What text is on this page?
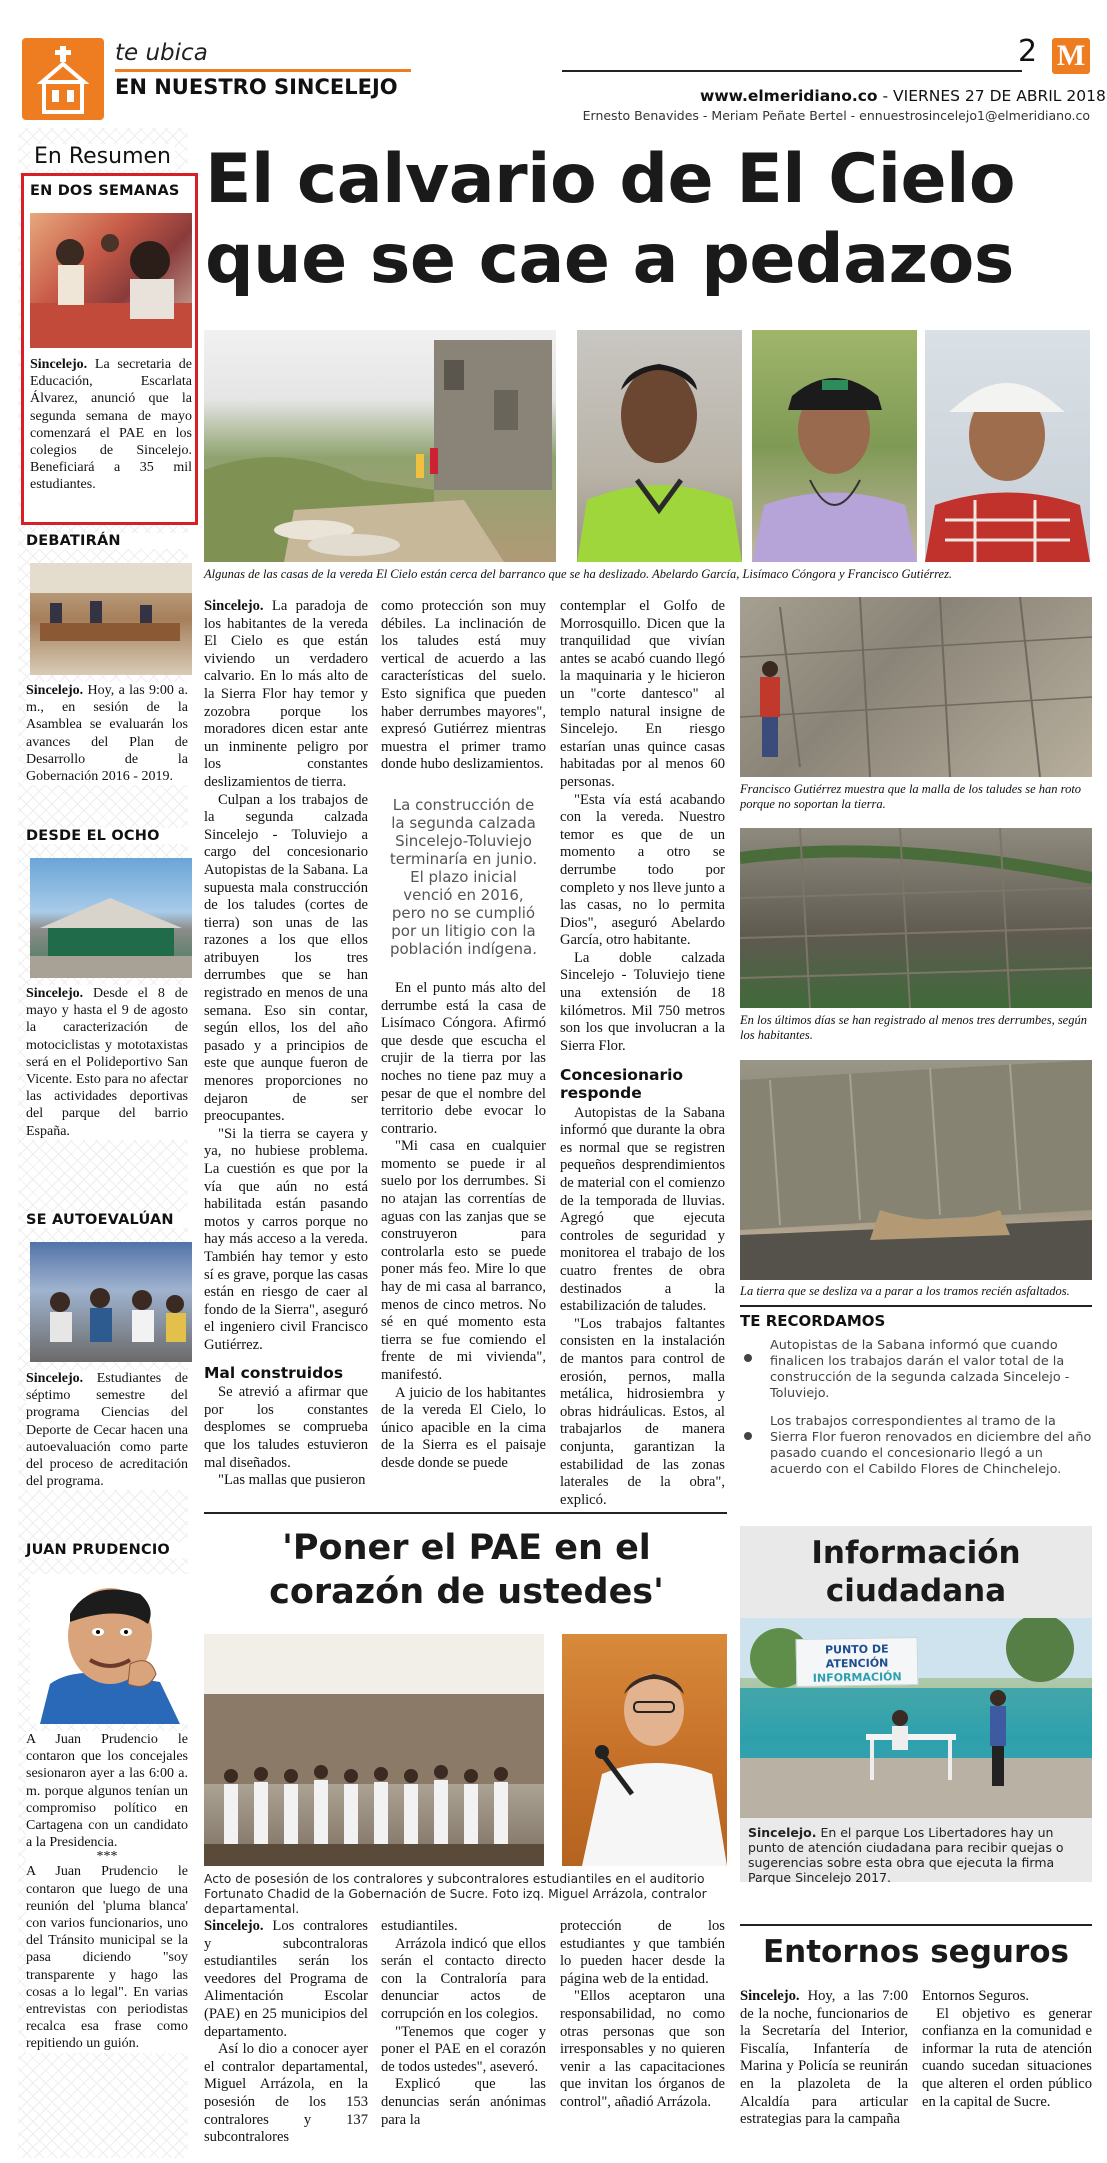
te ubica
EN NUESTRO SINCELEJO
2 M
www.elmeridiano.co - VIERNES 27 DE ABRIL 2018
Ernesto Benavides - Meriam Peñate Bertel - ennuestrosincelejo1@elmeridiano.co
En Resumen
EN DOS SEMANAS
Sincelejo. La secretaria de Educación, Escarlata Álvarez, anunció que la segunda semana de mayo comenzará el PAE en los colegios de Sincelejo. Beneficiará a 35 mil estudiantes.
DEBATIRÁN
Sincelejo. Hoy, a las 9:00 a. m., en sesión de la Asamblea se evaluarán los avances del Plan de Desarrollo de la Gobernación 2016 - 2019.
DESDE EL OCHO
Sincelejo. Desde el 8 de mayo y hasta el 9 de agosto la caracterización de motociclistas y mototaxistas será en el Polideportivo San Vicente. Esto para no afectar las actividades deportivas del parque del barrio España.
SE AUTOEVALÚAN
Sincelejo. Estudiantes de séptimo semestre del programa Ciencias del Deporte de Cecar hacen una autoevaluación como parte del proceso de acreditación del programa.
JUAN PRUDENCIO
A Juan Prudencio le contaron que los concejales sesionaron ayer a las 6:00 a. m. porque algunos tenían un compromiso político en Cartagena con un candidato a la Presidencia.
***
A Juan Prudencio le contaron que luego de una reunión del 'pluma blanca' con varios funcionarios, uno del Tránsito municipal se la pasa diciendo "soy transparente y hago las cosas a lo legal". En varias entrevistas con periodistas recalca esa frase como repitiendo un guión.
El calvario de El Cielo
que se cae a pedazos
Algunas de las casas de la vereda El Cielo están cerca del barranco que se ha deslizado. Abelardo García, Lisímaco Cóngora y Francisco Gutiérrez.

Sincelejo. La paradoja de los habitantes de la vereda El Cielo es que están viviendo un verdadero calvario. En lo más alto de la Sierra Flor hay temor y zozobra porque los moradores dicen estar ante un inminente peligro por los constantes deslizamientos de tierra.

Culpan a los trabajos de la segunda calzada Sincelejo - Toluviejo a cargo del concesionario Autopistas de la Sabana. La supuesta mala construcción de los taludes (cortes de tierra) son unas de las razones a los que ellos atribuyen los tres derrumbes que se han registrado en menos de una semana. Eso sin contar, según ellos, los del año pasado y a principios de este que aunque fueron de menores proporciones no dejaron de ser preocupantes.

"Si la tierra se cayera y ya, no hubiese problema. La cuestión es que por la vía que aún no está habilitada están pasando motos y carros porque no hay más acceso a la vereda. También hay temor y esto sí es grave, porque las casas están en riesgo de caer al fondo de la Sierra", aseguró el ingeniero civil Francisco Gutiérrez.

Mal construidos

Se atrevió a afirmar que por los constantes desplomes se comprueba que los taludes estuvieron mal diseñados.

"Las mallas que pusieron

como protección son muy débiles. La inclinación de los taludes está muy vertical de acuerdo a las características del suelo. Esto significa que pueden haber derrumbes mayores", expresó Gutiérrez mientras muestra el primer tramo donde hubo deslizamientos.

La construcción de la segunda calzada Sincelejo-Toluviejo terminaría en junio. El plazo inicial venció en 2016, pero no se cumplió por un litigio con la población indígena.

En el punto más alto del derrumbe está la casa de Lisímaco Cóngora. Afirmó que desde que escucha el crujir de la tierra por las noches no tiene paz muy a pesar de que el nombre del territorio debe evocar lo contrario.

"Mi casa en cualquier momento se puede ir al suelo por los derrumbes. Si no atajan las correntías de aguas con las zanjas que se construyeron para controlarla esto se puede poner más feo. Mire lo que hay de mi casa al barranco, menos de cinco metros. No sé en qué momento esta tierra se fue comiendo el frente de mi vivienda", manifestó.

A juicio de los habitantes de la vereda El Cielo, lo único apacible en la cima de la Sierra es el paisaje desde donde se puede

contemplar el Golfo de Morrosquillo. Dicen que la tranquilidad que vivían antes se acabó cuando llegó la maquinaria y le hicieron un "corte dantesco" al templo natural insigne de Sincelejo. En riesgo estarían unas quince casas habitadas por al menos 60 personas.

"Esta vía está acabando con la vereda. Nuestro temor es que de un momento a otro se derrumbe todo por completo y nos lleve junto a las casas, no lo permita Dios", aseguró Abelardo García, otro habitante.

La doble calzada Sincelejo - Toluviejo tiene una extensión de 18 kilómetros. Mil 750 metros son los que involucran a la Sierra Flor.

Concesionario responde

Autopistas de la Sabana informó que durante la obra es normal que se registren pequeños desprendimientos de material con el comienzo de la temporada de lluvias. Agregó que ejecuta controles de seguridad y monitorea el trabajo de los cuatro frentes de obra destinados a la estabilización de taludes.

"Los trabajos faltantes consisten en la instalación de mantos para control de erosión, pernos, malla metálica, hidrosiembra y obras hidráulicas. Estos, al trabajarlos de manera conjunta, garantizan la estabilidad de las zonas laterales de la obra", explicó.

Francisco Gutiérrez muestra que la malla de los taludes se han roto porque no soportan la tierra.
En los últimos días se han registrado al menos tres derrumbes, según los habitantes.
La tierra que se desliza va a parar a los tramos recién asfaltados.
TE RECORDAMOS
Autopistas de la Sabana informó que cuando finalicen los trabajos darán el valor total de la construcción de la segunda calzada Sincelejo - Toluviejo.
Los trabajos correspondientes al tramo de la Sierra Flor fueron renovados en diciembre del año pasado cuando el concesionario llegó a un acuerdo con el Cabildo Flores de Chinchelejo.
'Poner el PAE en el
corazón de ustedes'
Acto de posesión de los contralores y subcontralores estudiantiles en el auditorio Fortunato Chadid de la Gobernación de Sucre. Foto izq. Miguel Arrázola, contralor departamental.

Sincelejo. Los contralores y subcontraloras estudiantiles serán los veedores del Programa de Alimentación Escolar (PAE) en 25 municipios del departamento.

Así lo dio a conocer ayer el contralor departamental, Miguel Arrázola, en la posesión de los 153 contralores y 137 subcontralores

estudiantiles.

Arrázola indicó que ellos serán el contacto directo con la Contraloría para denunciar actos de corrupción en los colegios.

"Tenemos que coger y poner el PAE en el corazón de todos ustedes", aseveró.

Explicó que las denuncias serán anónimas para la

protección de los estudiantes y que también lo pueden hacer desde la página web de la entidad.

"Ellos aceptaron una responsabilidad, no como otras personas que son irresponsables y no quieren venir a las capacitaciones que invitan los órganos de control", añadió Arrázola.

Información
ciudadana
PUNTO DE ATENCIÓN
INFORMACIÓN
Sincelejo. En el parque Los Libertadores hay un punto de atención ciudadana para recibir quejas o sugerencias sobre esta obra que ejecuta la firma Parque Sincelejo 2017.
Entornos seguros

Sincelejo. Hoy, a las 7:00 de la noche, funcionarios de la Secretaría del Interior, Fiscalía, Infantería de Marina y Policía se reunirán en la plazoleta de la Alcaldía para articular estrategias para la campaña

Entornos Seguros.

El objetivo es generar confianza en la comunidad e informar la ruta de atención cuando sucedan situaciones que alteren el orden público en la capital de Sucre.
